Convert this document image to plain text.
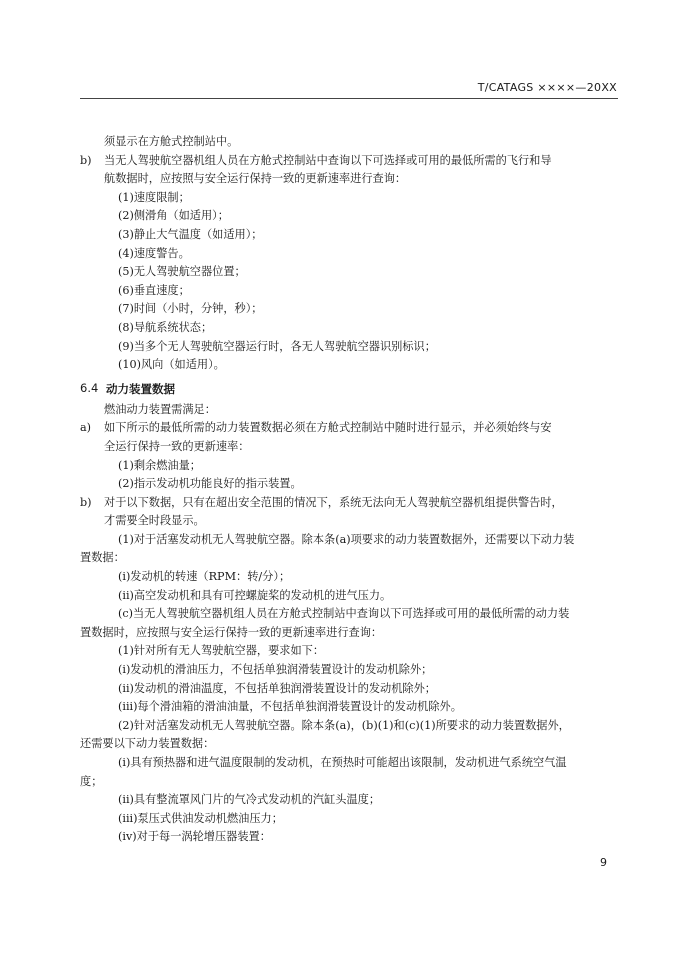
T/CATAGS ××××—20XX
须显示在方舱式控制站中。
b)	当无人驾驶航空器机组人员在方舱式控制站中查询以下可选择或可用的最低所需的飞行和导
航数据时，应按照与安全运行保持一致的更新速率进行查询：
(1)速度限制；
(2)侧滑角（如适用）；
(3)静止大气温度（如适用）；
(4)速度警告。
(5)无人驾驶航空器位置；
(6)垂直速度；
(7)时间（小时，分钟，秒）；
(8)导航系统状态；
(9)当多个无人驾驶航空器运行时，各无人驾驶航空器识别标识；
(10)风向（如适用）。
6.4 动力装置数据
燃油动力装置需满足：
a)	如下所示的最低所需的动力装置数据必须在方舱式控制站中随时进行显示，并必须始终与安
全运行保持一致的更新速率：
(1)剩余燃油量；
(2)指示发动机功能良好的指示装置。
b)	对于以下数据，只有在超出安全范围的情况下，系统无法向无人驾驶航空器机组提供警告时，
才需要全时段显示。
(1)对于活塞发动机无人驾驶航空器。除本条(a)项要求的动力装置数据外，还需要以下动力装
置数据：
(i)发动机的转速（RPM：转/分）；
(ii)高空发动机和具有可控螺旋桨的发动机的进气压力。
(c)当无人驾驶航空器机组人员在方舱式控制站中查询以下可选择或可用的最低所需的动力装
置数据时，应按照与安全运行保持一致的更新速率进行查询：
(1)针对所有无人驾驶航空器，要求如下：
(i)发动机的滑油压力，不包括单独润滑装置设计的发动机除外；
(ii)发动机的滑油温度，不包括单独润滑装置设计的发动机除外；
(iii)每个滑油箱的滑油油量，不包括单独润滑装置设计的发动机除外。
(2)针对活塞发动机无人驾驶航空器。除本条(a)，(b)(1)和(c)(1)所要求的动力装置数据外，
还需要以下动力装置数据：
(i)具有预热器和进气温度限制的发动机，在预热时可能超出该限制，发动机进气系统空气温
度；
(ii)具有整流罩风门片的气冷式发动机的汽缸头温度；
(iii)泵压式供油发动机燃油压力；
(iv)对于每一涡轮增压器装置：
9
